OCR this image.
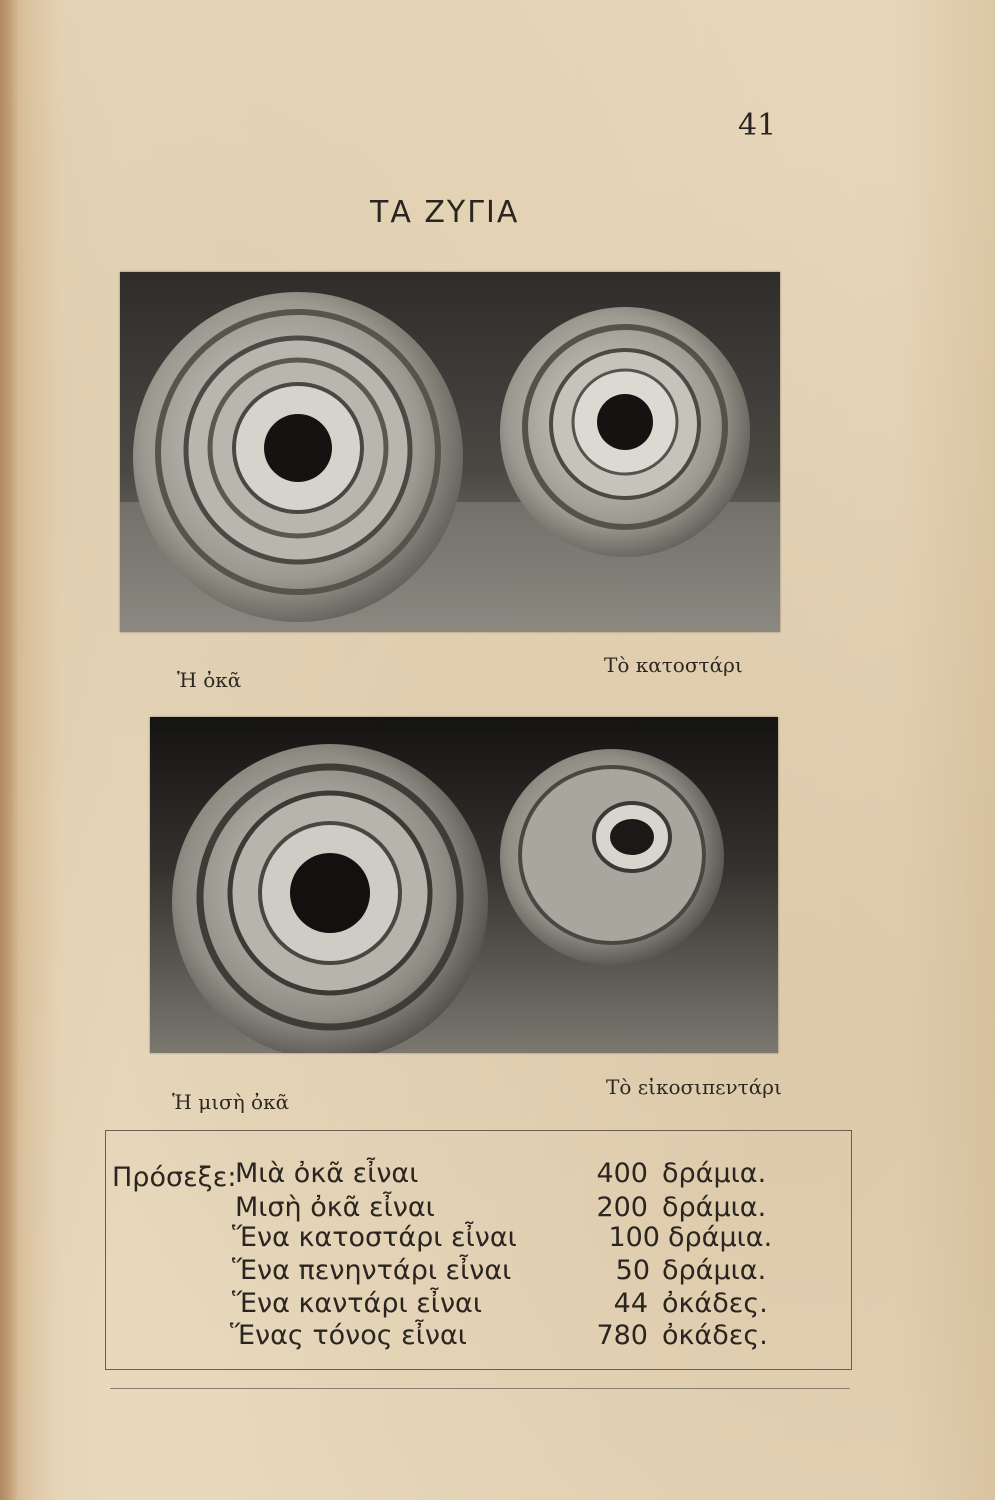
41
ΤΑ ΖΥΓΙΑ
Ἡ ὀκᾶ
Τὸ κατοστάρι
Ἡ μισὴ ὀκᾶ
Τὸ εἰκοσιπεντάρι
Πρόσεξε:
Μιὰ ὀκᾶ εἶναι	400 δράμια.
Μισὴ ὀκᾶ εἶναι	200 δράμια.
Ἕνα κατοστάρι εἶναι	100 δράμια.
Ἕνα πενηντάρι εἶναι	50 δράμια.
Ἕνα καντάρι εἶναι	44 ὀκάδες.
Ἕνας τόνος εἶναι	780 ὀκάδες.
